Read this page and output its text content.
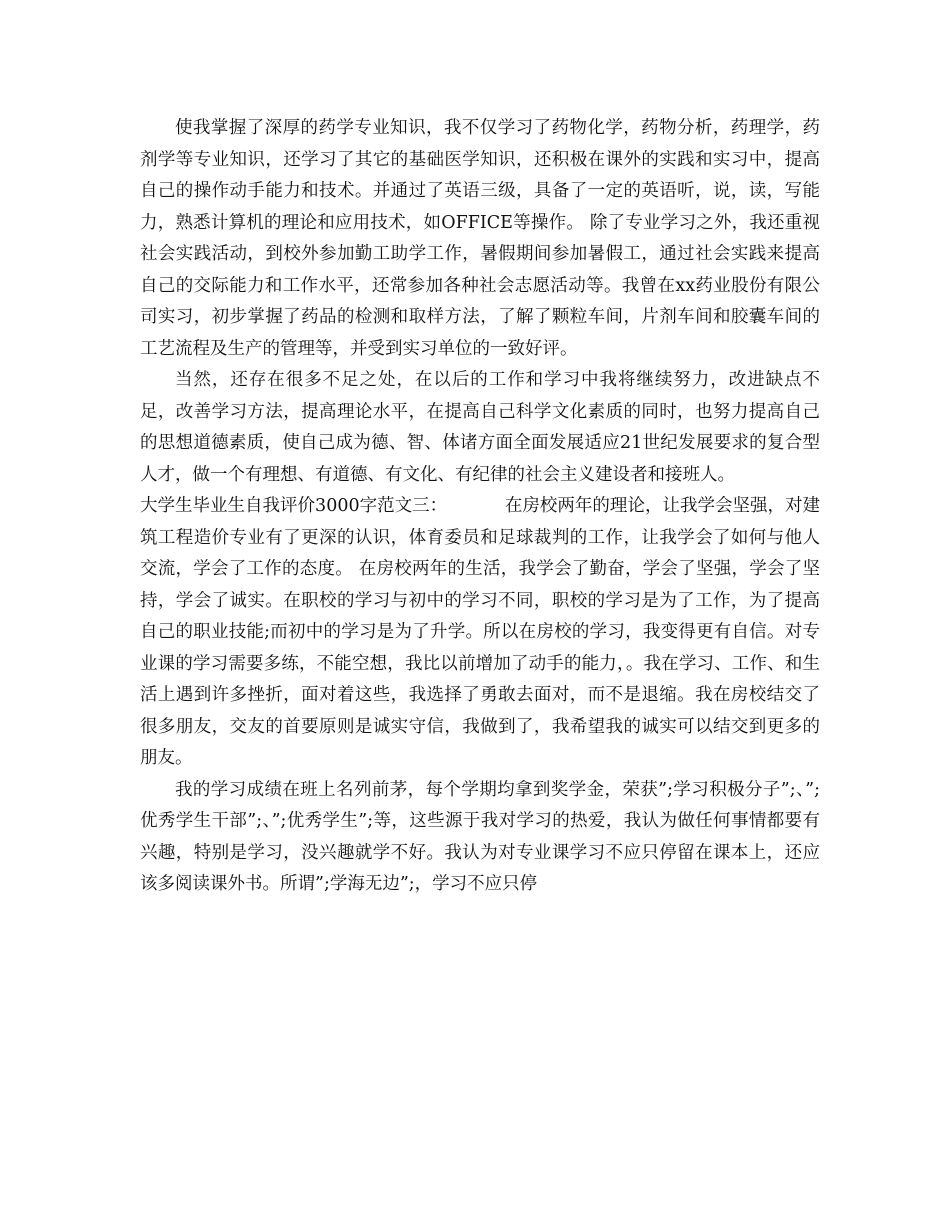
使我掌握了深厚的药学专业知识，我不仅学习了药物化学，药物分析，药理学，药剂学等专业知识，还学习了其它的基础医学知识，还积极在课外的实践和实习中，提高自己的操作动手能力和技术。并通过了英语三级，具备了一定的英语听，说，读，写能力，熟悉计算机的理论和应用技术，如OFFICE等操作。 除了专业学习之外，我还重视社会实践活动，到校外参加勤工助学工作，暑假期间参加暑假工，通过社会实践来提高自己的交际能力和工作水平，还常参加各种社会志愿活动等。我曾在xx药业股份有限公司实习，初步掌握了药品的检测和取样方法，了解了颗粒车间，片剂车间和胶囊车间的工艺流程及生产的管理等，并受到实习单位的一致好评。

当然，还存在很多不足之处，在以后的工作和学习中我将继续努力，改进缺点不足，改善学习方法，提高理论水平，在提高自己科学文化素质的同时，也努力提高自己的思想道德素质，使自己成为德、智、体诸方面全面发展适应21世纪发展要求的复合型人才，做一个有理想、有道德、有文化、有纪律的社会主义建设者和接班人。

大学生毕业生自我评价3000字范文三：	在房校两年的理论，让我学会坚强，对建筑工程造价专业有了更深的认识，体育委员和足球裁判的工作，让我学会了如何与他人交流，学会了工作的态度。 在房校两年的生活，我学会了勤奋，学会了坚强，学会了坚持，学会了诚实。在职校的学习与初中的学习不同，职校的学习是为了工作，为了提高自己的职业技能;而初中的学习是为了升学。所以在房校的学习，我变得更有自信。对专业课的学习需要多练，不能空想，我比以前增加了动手的能力，。我在学习、工作、和生活上遇到许多挫折，面对着这些，我选择了勇敢去面对，而不是退缩。我在房校结交了很多朋友，交友的首要原则是诚实守信，我做到了，我希望我的诚实可以结交到更多的朋友。

我的学习成绩在班上名列前茅，每个学期均拿到奖学金，荣获”;学习积极分子”;、”;优秀学生干部”;、”;优秀学生”;等，这些源于我对学习的热爱，我认为做任何事情都要有兴趣，特别是学习，没兴趣就学不好。我认为对专业课学习不应只停留在课本上，还应该多阅读课外书。所谓”;学海无边”;，学习不应只停
